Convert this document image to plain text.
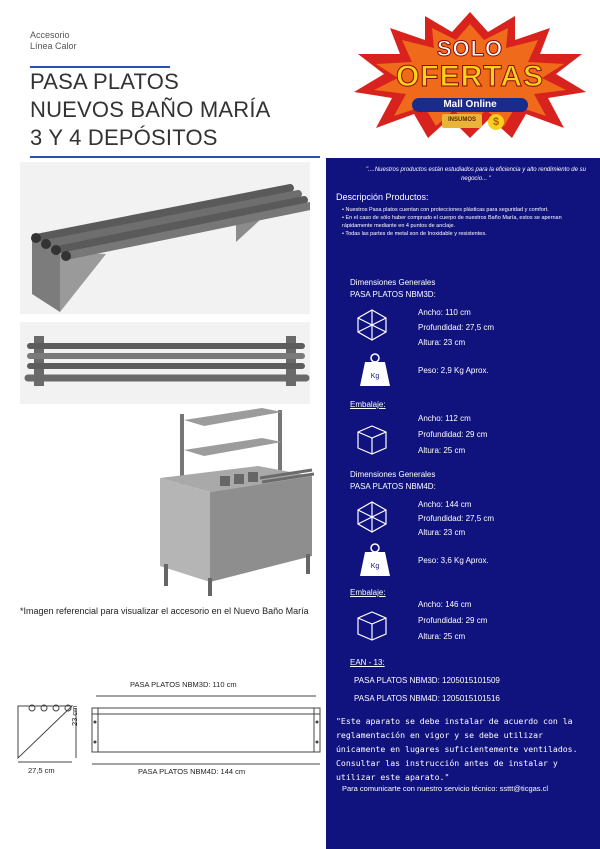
Accesorio
Línea Calor
PASA PLATOS
NUEVOS BAÑO MARÍA
3 Y 4 DEPÓSITOS
SOLO
OFERTAS
Mall Online
INSUMOS	$
*Imagen referencial para visualizar el accesorio en el Nuevo Baño María
PASA PLATOS NBM3D: 110 cm
PASA PLATOS NBM4D: 144 cm
23 cm
27,5 cm
"....Nuestros productos están estudiados para la eficiencia y alto rendimiento de su negocio... "
Descripción Productos:
• Nuestros Pasa platos cuentan con protecciones plásticas para seguridad y comfort.
• En el caso de sólo haber comprado el cuerpo de nuestros Baño María, estos se apernan rápidamente mediante en 4 puntos de anclaje.
• Todas las partes de metal son de Inoxidable y resistentes.
Dimensiones Generales
PASA PLATOS NBM3D:
Ancho: 110 cm
Profundidad: 27,5 cm
Altura: 23 cm
Kg
Peso: 2,9 Kg Aprox.
Embalaje:
Ancho: 112 cm
Profundidad: 29 cm
Altura: 25 cm
Dimensiones Generales
PASA PLATOS NBM4D:
Ancho: 144 cm
Profundidad: 27,5 cm
Altura: 23 cm
Kg
Peso: 3,6 Kg Aprox.
Embalaje:
Ancho: 146 cm
Profundidad: 29 cm
Altura: 25 cm
EAN - 13:
PASA PLATOS NBM3D: 1205015101509
PASA PLATOS NBM4D: 1205015101516
"Este aparato se debe instalar de acuerdo con la reglamentación en vigor y se debe utilizar únicamente en lugares suficientemente ventilados. Consultar las instrucción antes de instalar y utilizar este aparato."
Para comunicarte con nuestro servicio técnico: ssttt@ticgas.cl
